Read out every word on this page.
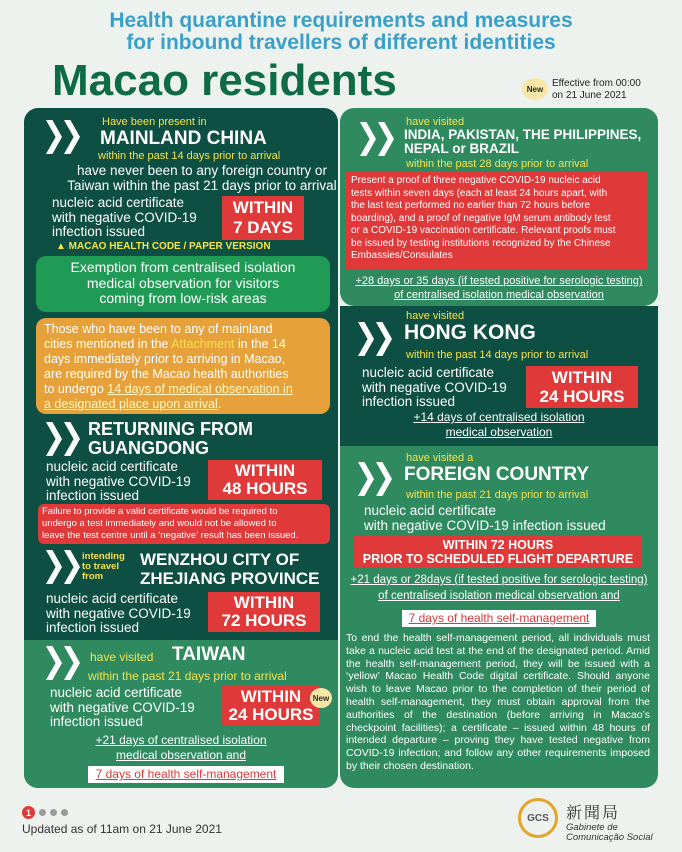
Health quarantine requirements and measures
for inbound travellers of different identities
Macao residents	New Effective from 00:00
on 21 June 2021
Have been present in
MAINLAND CHINA
within the past 14 days prior to arrival
have never been to any foreign country or
Taiwan within the past 21 days prior to arrival
nucleic acid certificate
with negative COVID-19
infection issued
WITHIN
7 DAYS
▲ MACAO HEALTH CODE / PAPER VERSION
Exemption from centralised isolation
medical observation for visitors
coming from low-risk areas
Those who have been to any of mainland
cities mentioned in the Attachment in the 14
days immediately prior to arriving in Macao,
are required by the Macao health authorities
to undergo 14 days of medical observation in
a designated place upon arrival.
RETURNING FROM
GUANGDONG
nucleic acid certificate
with negative COVID-19
infection issued
WITHIN
48 HOURS
Failure to provide a valid certificate would be required to
undergo a test immediately and would not be allowed to
leave the test centre until a ‘negative’ result has been issued.
intending
to travel
from
WENZHOU CITY OF
ZHEJIANG PROVINCE
nucleic acid certificate
with negative COVID-19
infection issued
WITHIN
72 HOURS
have visited TAIWAN
within the past 21 days prior to arrival
nucleic acid certificate
with negative COVID-19
infection issued
WITHIN
24 HOURS
New
+21 days of centralised isolation
medical observation and
7 days of health self-management
have visited
INDIA, PAKISTAN, THE PHILIPPINES,
NEPAL or BRAZIL
within the past 28 days prior to arrival
Present a proof of three negative COVID-19 nucleic acid
tests within seven days (each at least 24 hours apart, with
the last test performed no earlier than 72 hours before
boarding), and a proof of negative IgM serum antibody test
or a COVID-19 vaccination certificate. Relevant proofs must
be issued by testing institutions recognized by the Chinese
Embassies/Consulates
+28 days or 35 days (if tested positive for serologic testing)
of centralised isolation medical observation
have visited
HONG KONG
within the past 14 days prior to arrival
nucleic acid certificate
with negative COVID-19
infection issued
WITHIN
24 HOURS
+14 days of centralised isolation
medical observation
have visited a
FOREIGN COUNTRY
within the past 21 days prior to arrival
nucleic acid certificate
with negative COVID-19 infection issued
WITHIN 72 HOURS
PRIOR TO SCHEDULED FLIGHT DEPARTURE
+21 days or 28days (if tested positive for serologic testing)
of centralised isolation medical observation and
7 days of health self-management
To end the health self-management period, all individuals must take a nucleic acid test at the end of the designated period. Amid the health self-management period, they will be issued with a ‘yellow’ Macao Health Code digital certificate. Should anyone wish to leave Macao prior to the completion of their period of health self-management, they must obtain approval from the authorities of the destination (before arriving in Macao’s checkpoint facilities); a certificate – issued within 48 hours of intended departure – proving they have tested negative from COVID-19 infection; and follow any other requirements imposed by their chosen destination.
1
Updated as of 11am on 21 June 2021
GCS	新聞局
Gabinete de
Comunicação Social
